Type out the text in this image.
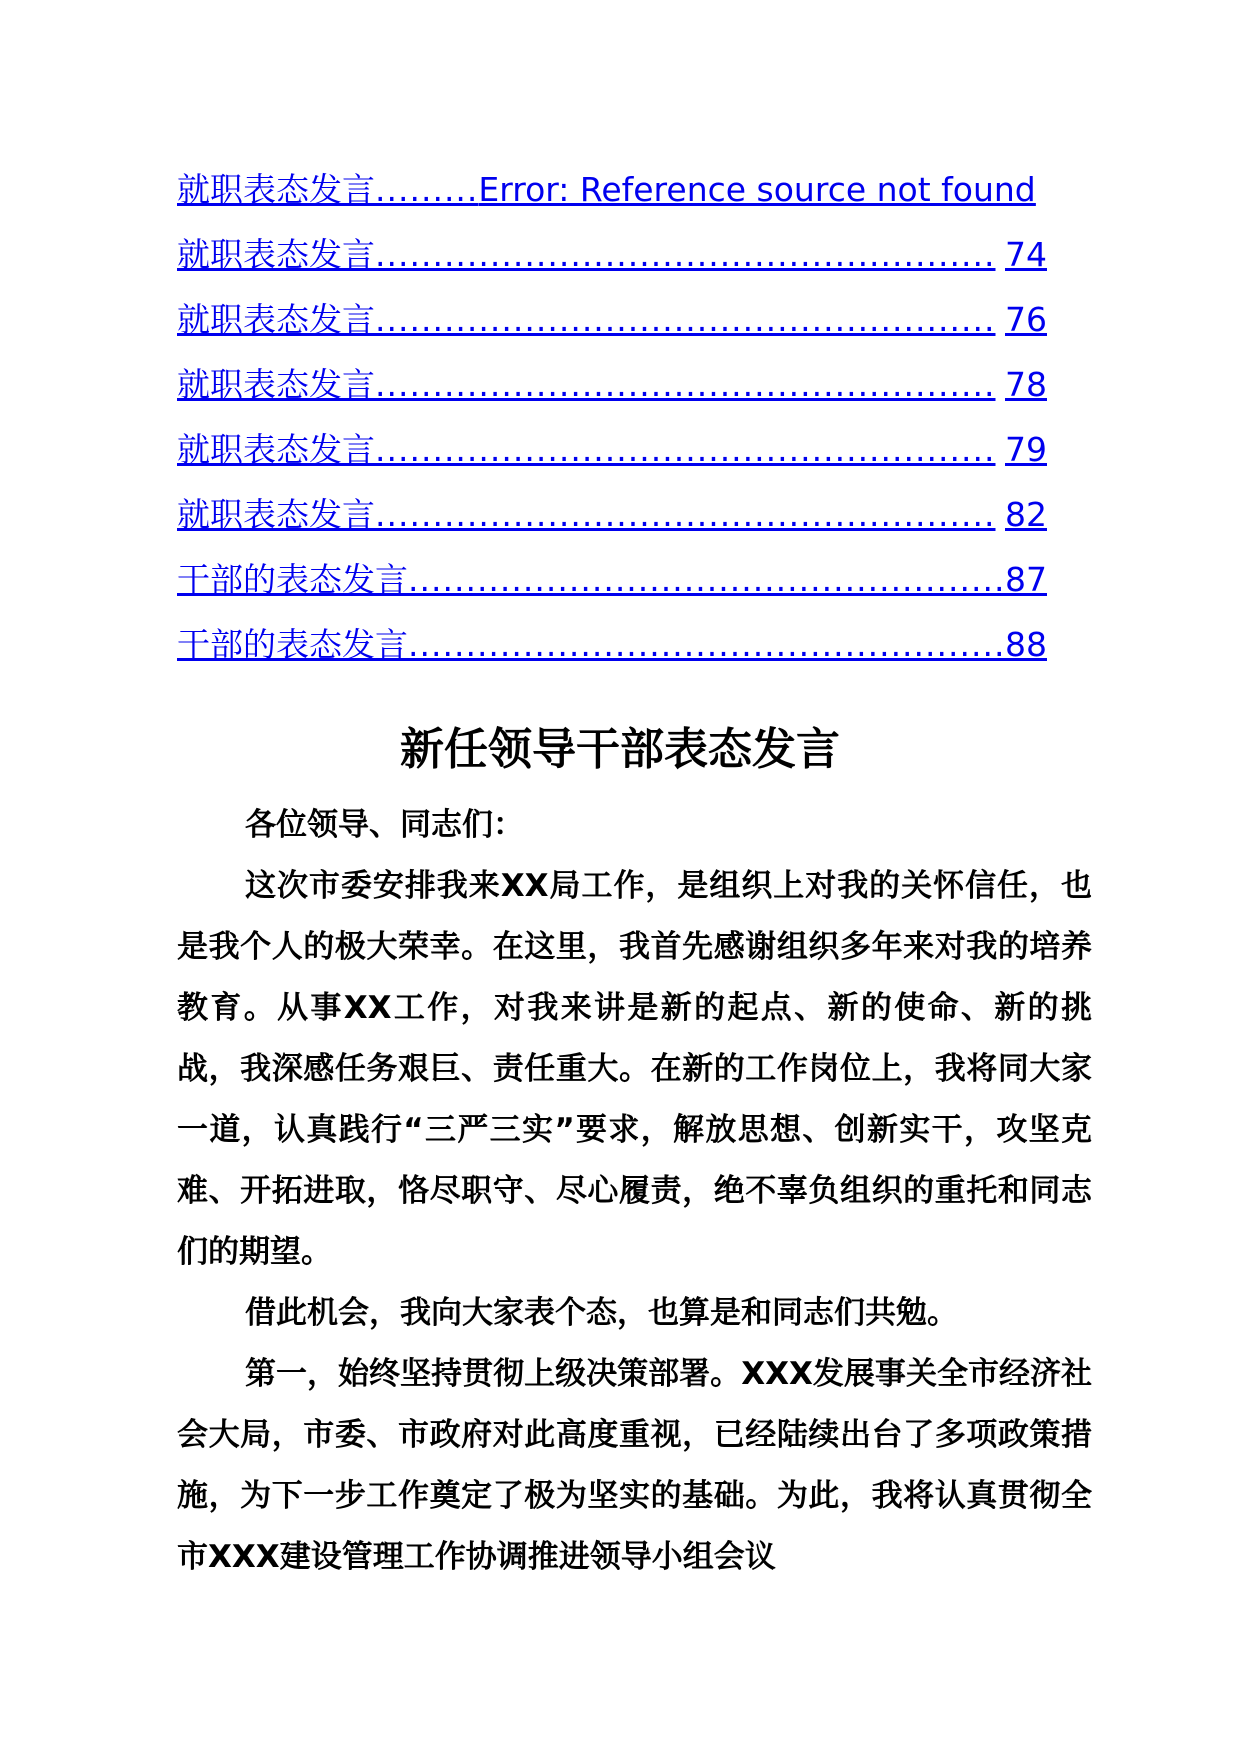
就职表态发言 ......... Error: Reference source not found
就职表态发言 ...................................................... 74
就职表态发言 ...................................................... 76
就职表态发言 ...................................................... 78
就职表态发言 ...................................................... 79
就职表态发言 ...................................................... 82
干部的表态发言 .................................................... 87
干部的表态发言 .................................................... 88
新任领导干部表态发言

各位领导、同志们：

这次市委安排我来XX局工作，是组织上对我的关怀信任，也是我个人的极大荣幸。在这里，我首先感谢组织多年来对我的培养教育。从事XX工作，对我来讲是新的起点、新的使命、新的挑战，我深感任务艰巨、责任重大。在新的工作岗位上，我将同大家一道，认真践行“三严三实”要求，解放思想、创新实干，攻坚克难、开拓进取，恪尽职守、尽心履责，绝不辜负组织的重托和同志们的期望。

借此机会，我向大家表个态，也算是和同志们共勉。

第一，始终坚持贯彻上级决策部署。XXX发展事关全市经济社会大局，市委、市政府对此高度重视，已经陆续出台了多项政策措施，为下一步工作奠定了极为坚实的基础。为此，我将认真贯彻全市XXX建设管理工作协调推进领导小组会议
